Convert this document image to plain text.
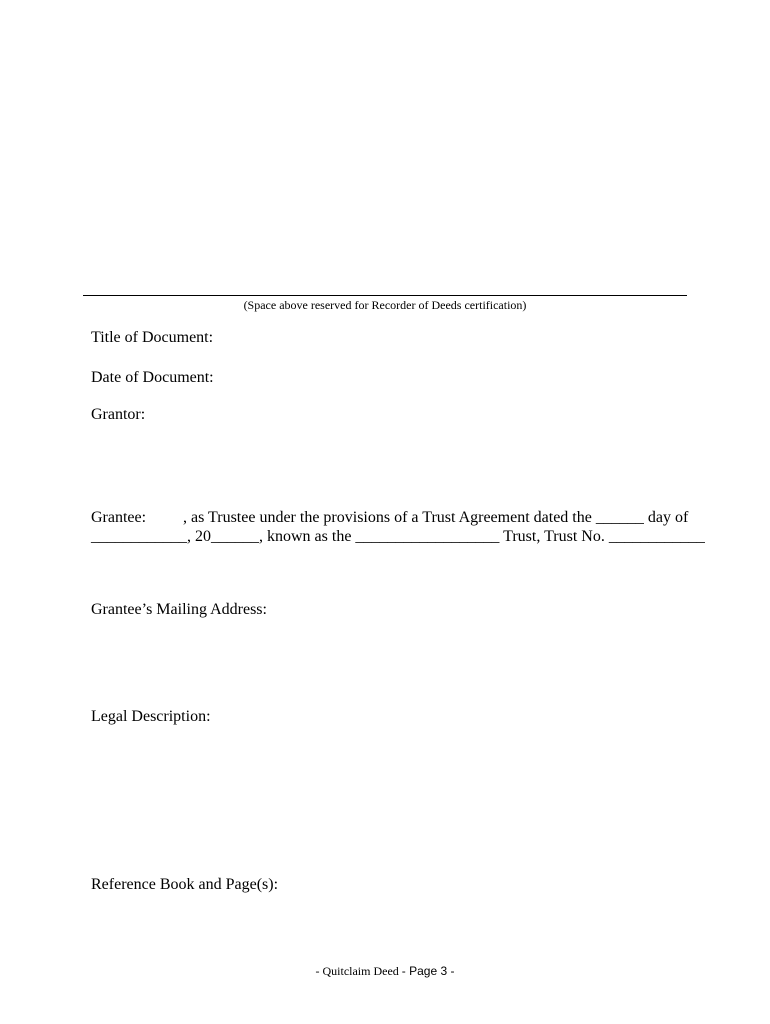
(Space above reserved for Recorder of Deeds certification)
Title of Document:
Date of Document:
Grantor:
Grantee: , as Trustee under the provisions of a Trust Agreement dated the ______ day of
____________, 20______, known as the __________________ Trust, Trust No. ____________
Grantee’s Mailing Address:
Legal Description:
Reference Book and Page(s):
- Quitclaim Deed - Page 3 -
